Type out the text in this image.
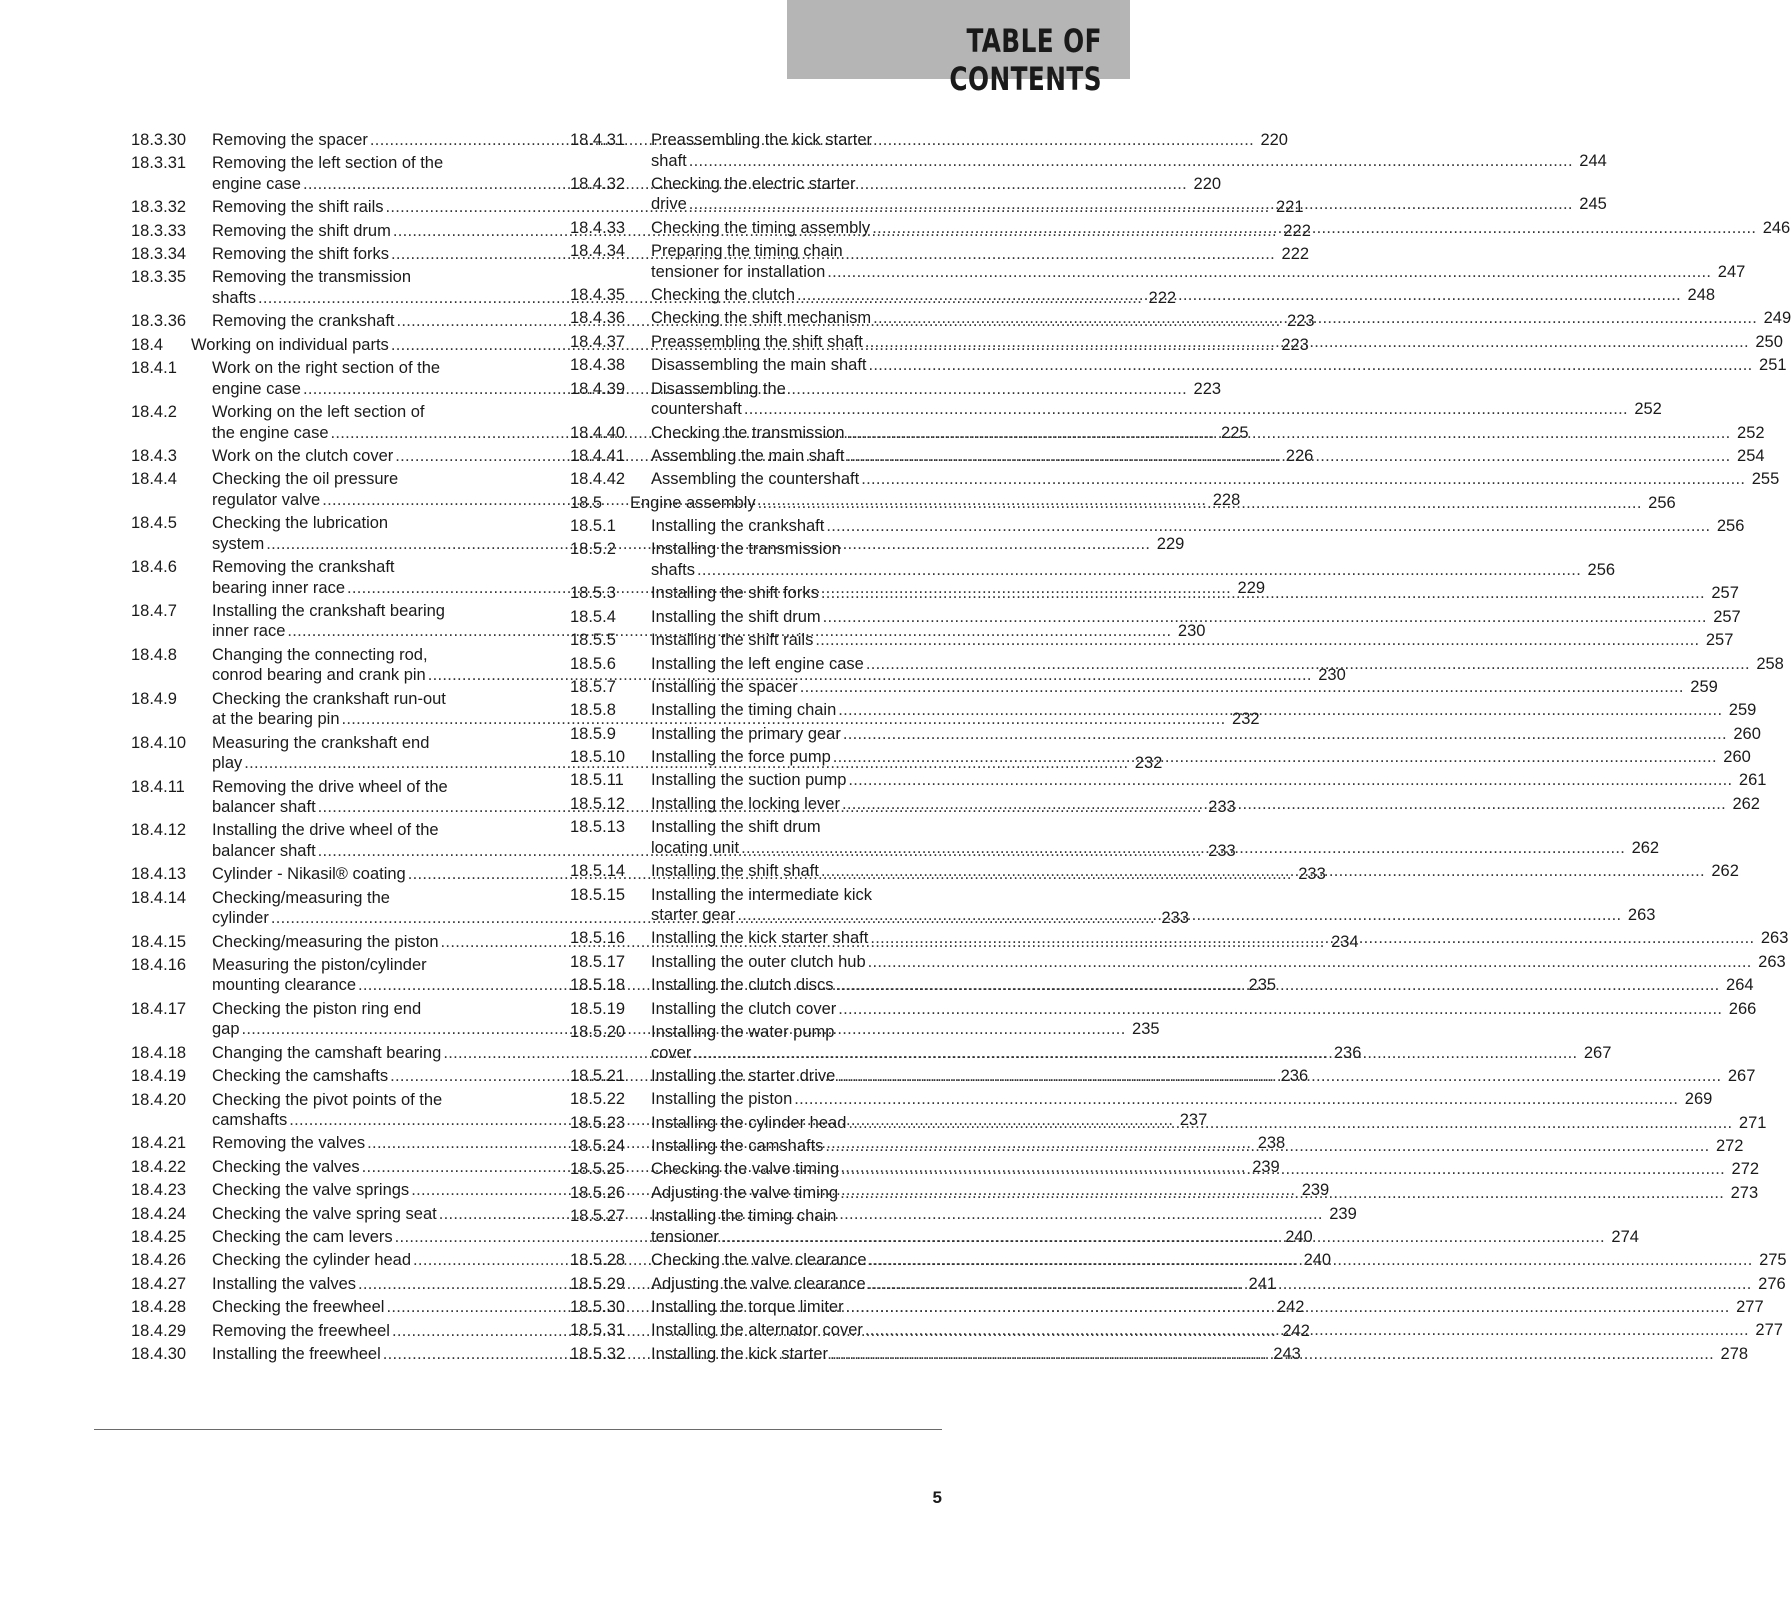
TABLE OF CONTENTS
18.3.30	Removing the spacer .....	220
18.3.31	Removing the left section of the
engine case .....	220
18.3.32	Removing the shift rails .....	221
18.3.33	Removing the shift drum .....	222
18.3.34	Removing the shift forks .....	222
18.3.35	Removing the transmission
shafts .....	222
18.3.36	Removing the crankshaft .....	223
18.4	Working on individual parts .....	223
18.4.1	Work on the right section of the
engine case .....	223
18.4.2	Working on the left section of
the engine case .....	225
18.4.3	Work on the clutch cover .....	226
18.4.4	Checking the oil pressure
regulator valve .....	228
18.4.5	Checking the lubrication
system .....	229
18.4.6	Removing the crankshaft
bearing inner race .....	229
18.4.7	Installing the crankshaft bearing
inner race .....	230
18.4.8	Changing the connecting rod,
conrod bearing and crank pin .....	230
18.4.9	Checking the crankshaft run-out
at the bearing pin .....	232
18.4.10	Measuring the crankshaft end
play .....	232
18.4.11	Removing the drive wheel of the
balancer shaft .....	233
18.4.12	Installing the drive wheel of the
balancer shaft .....	233
18.4.13	Cylinder - Nikasil® coating .....	233
18.4.14	Checking/measuring the
cylinder .....	233
18.4.15	Checking/measuring the piston .....	234
18.4.16	Measuring the piston/cylinder
mounting clearance .....	235
18.4.17	Checking the piston ring end
gap .....	235
18.4.18	Changing the camshaft bearing .....	236
18.4.19	Checking the camshafts .....	236
18.4.20	Checking the pivot points of the
camshafts .....	237
18.4.21	Removing the valves .....	238
18.4.22	Checking the valves .....	239
18.4.23	Checking the valve springs .....	239
18.4.24	Checking the valve spring seat .....	239
18.4.25	Checking the cam levers .....	240
18.4.26	Checking the cylinder head .....	240
18.4.27	Installing the valves .....	241
18.4.28	Checking the freewheel .....	242
18.4.29	Removing the freewheel .....	242
18.4.30	Installing the freewheel .....	243
18.4.31	Preassembling the kick starter
shaft .....	244
18.4.32	Checking the electric starter
drive .....	245
18.4.33	Checking the timing assembly .....	246
18.4.34	Preparing the timing chain
tensioner for installation .....	247
18.4.35	Checking the clutch .....	248
18.4.36	Checking the shift mechanism .....	249
18.4.37	Preassembling the shift shaft .....	250
18.4.38	Disassembling the main shaft .....	251
18.4.39	Disassembling the
countershaft .....	252
18.4.40	Checking the transmission .....	252
18.4.41	Assembling the main shaft .....	254
18.4.42	Assembling the countershaft .....	255
18.5	Engine assembly .....	256
18.5.1	Installing the crankshaft .....	256
18.5.2	Installing the transmission
shafts .....	256
18.5.3	Installing the shift forks .....	257
18.5.4	Installing the shift drum .....	257
18.5.5	Installing the shift rails .....	257
18.5.6	Installing the left engine case .....	258
18.5.7	Installing the spacer .....	259
18.5.8	Installing the timing chain .....	259
18.5.9	Installing the primary gear .....	260
18.5.10	Installing the force pump .....	260
18.5.11	Installing the suction pump .....	261
18.5.12	Installing the locking lever .....	262
18.5.13	Installing the shift drum
locating unit .....	262
18.5.14	Installing the shift shaft .....	262
18.5.15	Installing the intermediate kick
starter gear .....	263
18.5.16	Installing the kick starter shaft .....	263
18.5.17	Installing the outer clutch hub .....	263
18.5.18	Installing the clutch discs .....	264
18.5.19	Installing the clutch cover .....	266
18.5.20	Installing the water pump
cover .....	267
18.5.21	Installing the starter drive .....	267
18.5.22	Installing the piston .....	269
18.5.23	Installing the cylinder head .....	271
18.5.24	Installing the camshafts .....	272
18.5.25	Checking the valve timing .....	272
18.5.26	Adjusting the valve timing .....	273
18.5.27	Installing the timing chain
tensioner .....	274
18.5.28	Checking the valve clearance .....	275
18.5.29	Adjusting the valve clearance .....	276
18.5.30	Installing the torque limiter .....	277
18.5.31	Installing the alternator cover .....	277
18.5.32	Installing the kick starter .....	278
5
